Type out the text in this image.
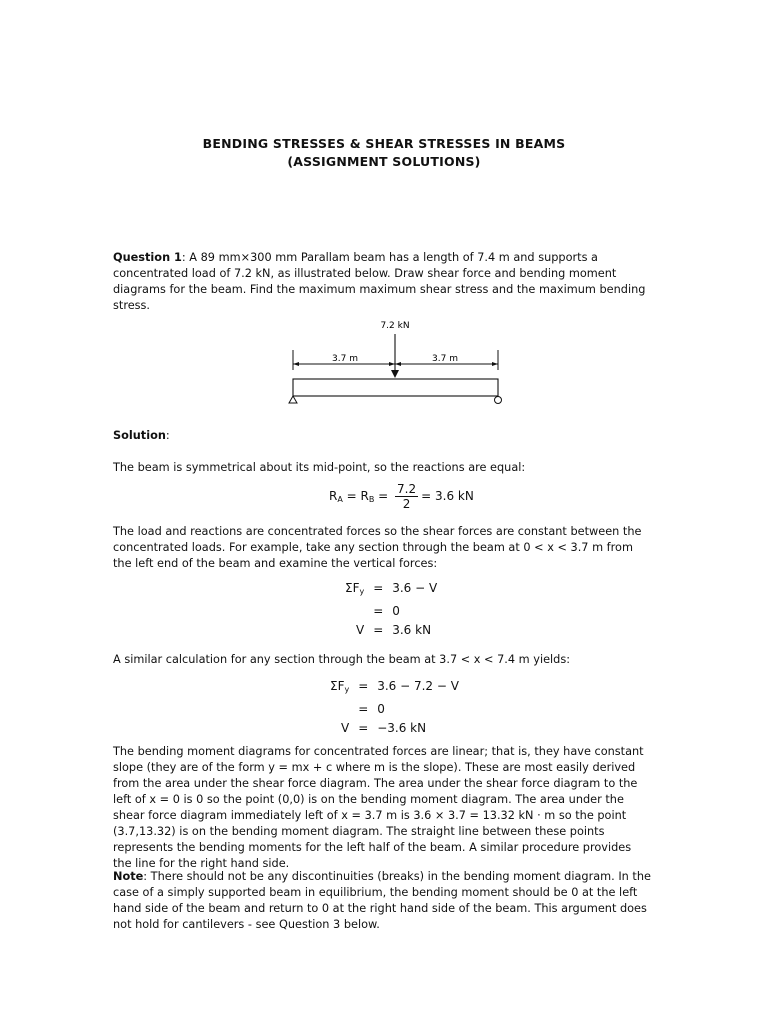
BENDING STRESSES & SHEAR STRESSES IN BEAMS
(ASSIGNMENT SOLUTIONS)

Question 1: A 89 mm×300 mm Parallam beam has a length of 7.4 m and supports a concentrated load of 7.2 kN, as illustrated below. Draw shear force and bending moment diagrams for the beam. Find the maximum maximum shear stress and the maximum bending stress.

7.2 kN
3.7 m	3.7 m

Solution:

The beam is symmetrical about its mid-point, so the reactions are equal:

$R_A = R_B = \frac{7.2}{2} = 3.6$ kN

The load and reactions are concentrated forces so the shear forces are constant between the concentrated loads. For example, take any section through the beam at 0 < x < 3.7 m from the left end of the beam and examine the vertical forces:

$\Sigma F_y = 3.6 - V$
= 0
V = 3.6 kN

A similar calculation for any section through the beam at 3.7 < x < 7.4 m yields:

$\Sigma F_y = 3.6 - 7.2 - V$
= 0
V = −3.6 kN

The bending moment diagrams for concentrated forces are linear; that is, they have constant slope (they are of the form y = mx + c where m is the slope). These are most easily derived from the area under the shear force diagram. The area under the shear force diagram to the left of x = 0 is 0 so the point (0,0) is on the bending moment diagram. The area under the shear force diagram immediately left of x = 3.7 m is 3.6 × 3.7 = 13.32 kN · m so the point (3.7,13.32) is on the bending moment diagram. The straight line between these points represents the bending moments for the left half of the beam. A similar procedure provides the line for the right hand side.

Note: There should not be any discontinuities (breaks) in the bending moment diagram. In the case of a simply supported beam in equilibrium, the bending moment should be 0 at the left hand side of the beam and return to 0 at the right hand side of the beam. This argument does not hold for cantilevers - see Question 3 below.
